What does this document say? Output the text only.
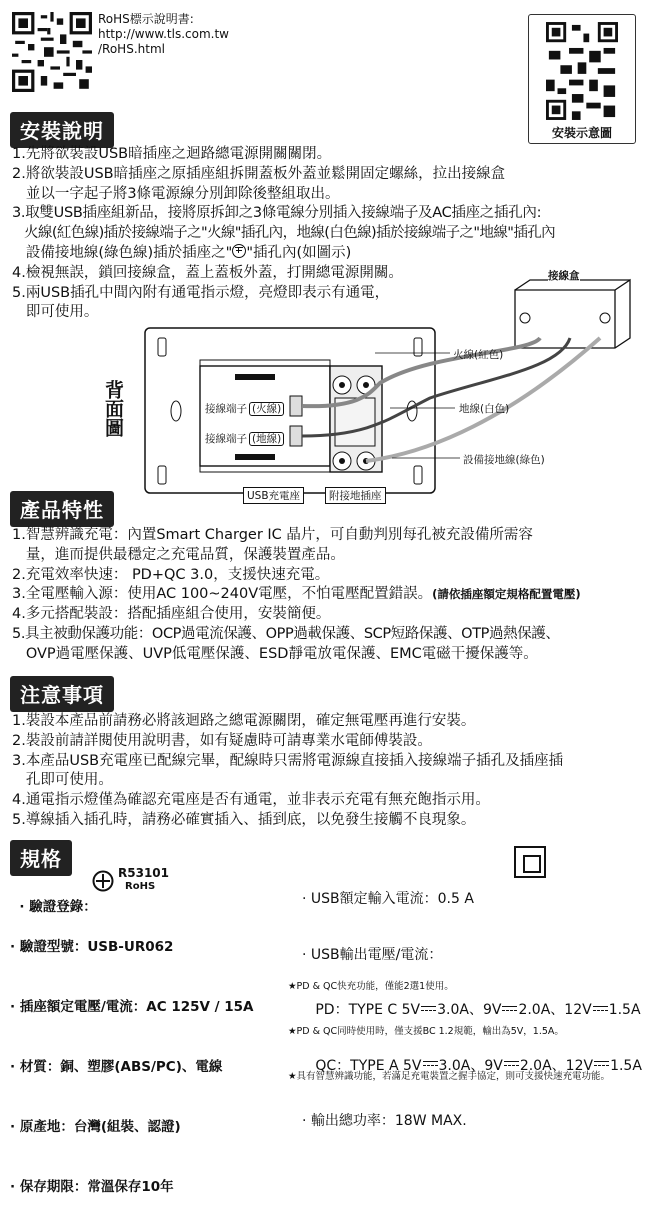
RoHS標示說明書:
http://www.tls.com.tw
/RoHS.html
安裝示意圖
安裝說明
1.先將欲裝設USB暗插座之迴路總電源開關關閉。
2.將欲裝設USB暗插座之原插座組拆開蓋板外蓋並鬆開固定螺絲，拉出接線盒
並以一字起子將3條電源線分別卸除後整組取出。
3.取雙USB插座組新品，接將原拆卸之3條電線分別插入接線端子及AC插座之插孔內:
火線(紅色線)插於接線端子之"火線"插孔內，地線(白色線)插於接線端子之"地線"插孔內
設備接地線(綠色線)插於插座之" "插孔內(如圖示)
4.檢視無誤，鎖回接線盒，蓋上蓋板外蓋，打開總電源開關。
5.兩USB插孔中間內附有通電指示燈，亮燈即表示有通電，
即可使用。
背面圖
接線盒
接線端子 (火線)
接線端子 (地線)
USB充電座	附接地插座
火線(紅色)
地線(白色)
設備接地線(綠色)
產品特性
1.智慧辨識充電：內置Smart Charger IC 晶片，可自動判別每孔被充設備所需容
量，進而提供最穩定之充電品質，保護裝置產品。
2.充電效率快速： PD+QC 3.0，支援快速充電。
3.全電壓輸入源：使用AC 100~240V電壓，不怕電壓配置錯誤。(請依插座額定規格配置電壓)
4.多元搭配裝設：搭配插座組合使用，安裝簡便。
5.具主被動保護功能：OCP過電流保護、OPP過載保護、SCP短路保護、OTP過熱保護、
OVP過電壓保護、UVP低電壓保護、ESD靜電放電保護、EMC電磁干擾保護等。
注意事項
1.裝設本產品前請務必將該迴路之總電源關閉，確定無電壓再進行安裝。
2.裝設前請詳閱使用說明書，如有疑慮時可請專業水電師傅裝設。
3.本產品USB充電座已配線完畢，配線時只需將電源線直接插入接線端子插孔及插座插
孔即可使用。
4.通電指示燈僅為確認充電座是否有通電，並非表示充電有無充飽指示用。
5.導線插入插孔時，請務必確實插入、插到底，以免發生接觸不良現象。
規格

· 驗證登錄：

R53101
RoHS

· 驗證型號：USB-UR062

· 插座額定電壓/電流：AC 125V / 15A

· 材質：銅、塑膠(ABS/PC)、電線

· 原產地：台灣(組裝、認證)

· 保存期限：常溫保存10年

· USB額定輸入電流：0.5 A

· USB輸出電壓/電流：

PD：TYPE C 5V 3.0A、9V 2.0A、12V 1.5A

QC：TYPE A 5V 3.0A、9V 2.0A、12V 1.5A

· 輸出總功率：18W MAX.

★PD & QC快充功能，僅能2選1使用。

★PD & QC同時使用時，僅支援BC 1.2規範，輸出為5V，1.5A。

★具有智慧辨識功能，若滿足充電裝置之握手協定，則可支援快速充電功能。
